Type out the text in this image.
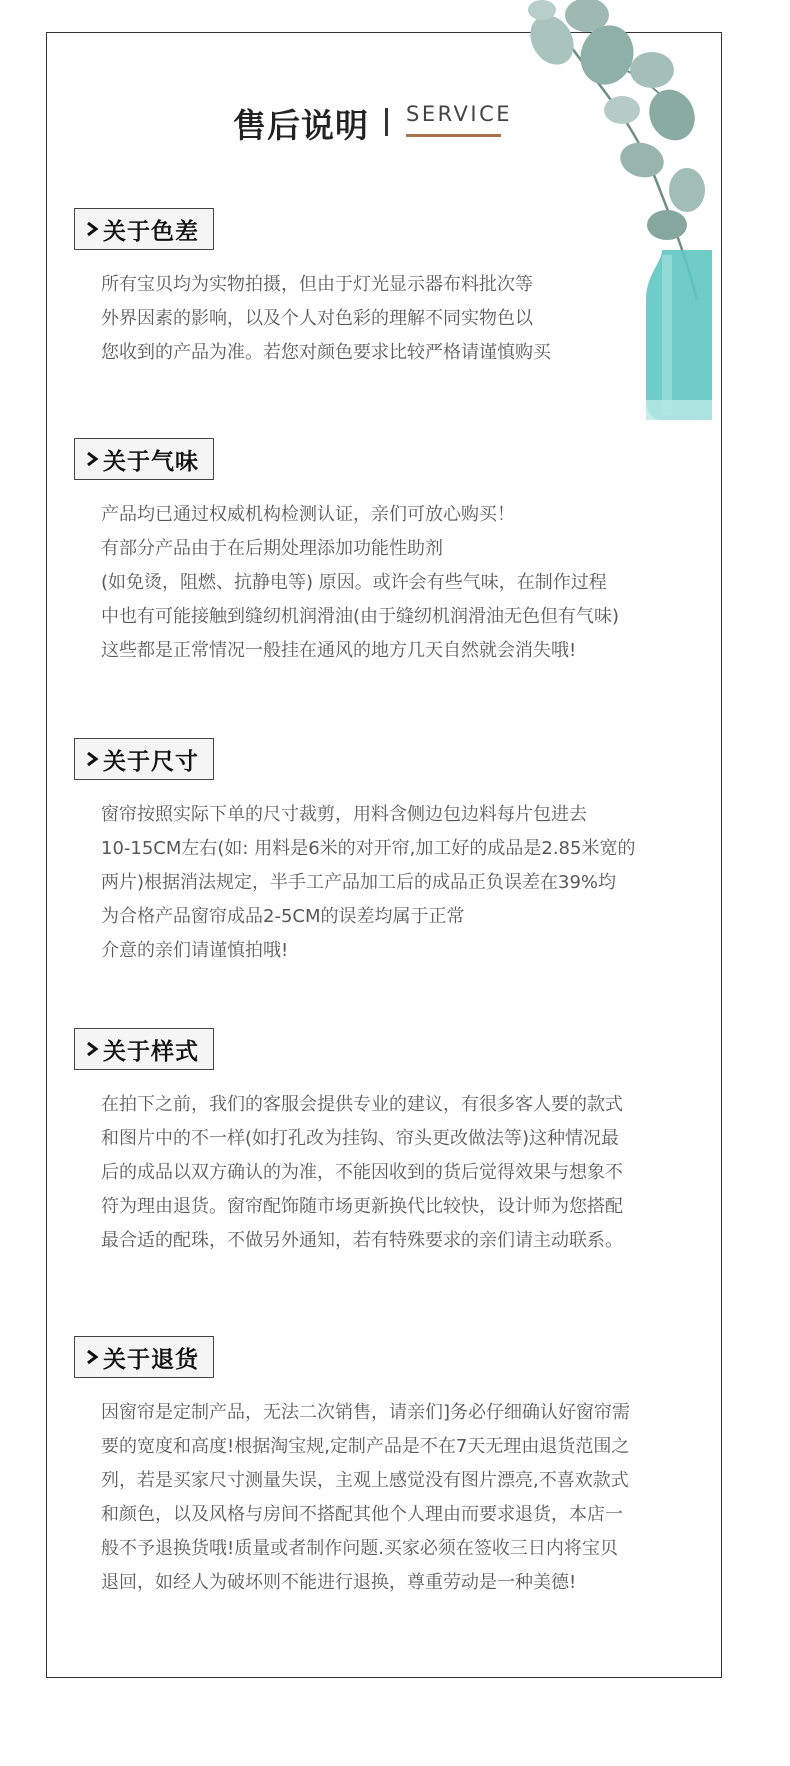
售后说明 SERVICE
关于色差
所有宝贝均为实物拍摄，但由于灯光显示器布料批次等
外界因素的影响，以及个人对色彩的理解不同实物色以
您收到的产品为准。若您对颜色要求比较严格请谨慎购买
关于气味
产品均已通过权威机构检测认证，亲们可放心购买！
有部分产品由于在后期处理添加功能性助剂
(如免烫，阻燃、抗静电等) 原因。或许会有些气味，在制作过程
中也有可能接触到缝纫机润滑油(由于缝纫机润滑油无色但有气味)
这些都是正常情况一般挂在通风的地方几天自然就会消失哦!
关于尺寸
窗帘按照实际下单的尺寸裁剪，用料含侧边包边料每片包进去
10-15CM左右(如: 用料是6米的对开帘,加工好的成品是2.85米宽的
两片)根据消法规定，半手工产品加工后的成品正负误差在39%均
为合格产品窗帘成品2-5CM的误差均属于正常
介意的亲们请谨慎拍哦!
关于样式
在拍下之前，我们的客服会提供专业的建议，有很多客人要的款式
和图片中的不一样(如打孔改为挂钩、帘头更改做法等)这种情况最
后的成品以双方确认的为准，不能因收到的货后觉得效果与想象不
符为理由退货。窗帘配饰随市场更新换代比较快，设计师为您搭配
最合适的配珠，不做另外通知，若有特殊要求的亲们请主动联系。
关于退货
因窗帘是定制产品，无法二次销售，请亲们]务必仔细确认好窗帘需
要的宽度和高度!根据淘宝规,定制产品是不在7天无理由退货范围之
列，若是买家尺寸测量失误，主观上感觉没有图片漂亮,不喜欢款式
和颜色，以及风格与房间不搭配其他个人理由而要求退货，本店一
般不予退换货哦!质量或者制作问题.买家必须在签收三日内将宝贝
退回，如经人为破坏则不能进行退换，尊重劳动是一种美德!
